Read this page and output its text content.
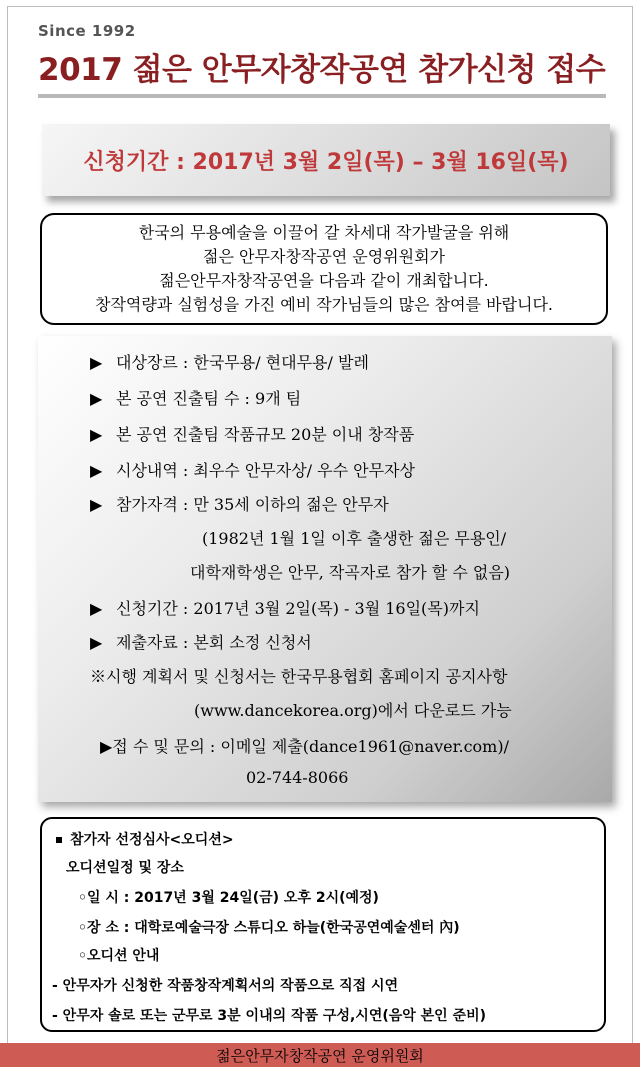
Since 1992
2017 젊은 안무자창작공연 참가신청 접수
신청기간 : 2017년 3월 2일(목) – 3월 16일(목)
한국의 무용예술을 이끌어 갈 차세대 작가발굴을 위해
젊은 안무자창작공연 운영위원회가
젊은안무자창작공연을 다음과 같이 개최합니다.
창작역량과 실험성을 가진 예비 작가님들의 많은 참여를 바랍니다.
▶ 대상장르 : 한국무용/ 현대무용/ 발레
▶ 본 공연 진출팀 수 : 9개 팀
▶ 본 공연 진출팀 작품규모 20분 이내 창작품
▶ 시상내역 : 최우수 안무자상/ 우수 안무자상
▶ 참가자격 : 만 35세 이하의 젊은 안무자
(1982년 1월 1일 이후 출생한 젊은 무용인/
대학재학생은 안무, 작곡자로 참가 할 수 없음)
▶ 신청기간 : 2017년 3월 2일(목) - 3월 16일(목)까지
▶ 제출자료 : 본회 소정 신청서
※시행 계획서 및 신청서는 한국무용협회 홈페이지 공지사항
(www.dancekorea.org)에서 다운로드 가능
▶접 수 및 문의 : 이메일 제출(dance1961@naver.com)/
02-744-8066
참가자 선정심사<오디션>
오디션일정 및 장소
◦일 시 : 2017년 3월 24일(금) 오후 2시(예정)
◦장 소 : 대학로예술극장 스튜디오 하늘(한국공연예술센터 內)
◦오디션 안내
- 안무자가 신청한 작품창작계획서의 작품으로 직접 시연
- 안무자 솔로 또는 군무로 3분 이내의 작품 구성,시연(음악 본인 준비)
젊은안무자창작공연 운영위원회
